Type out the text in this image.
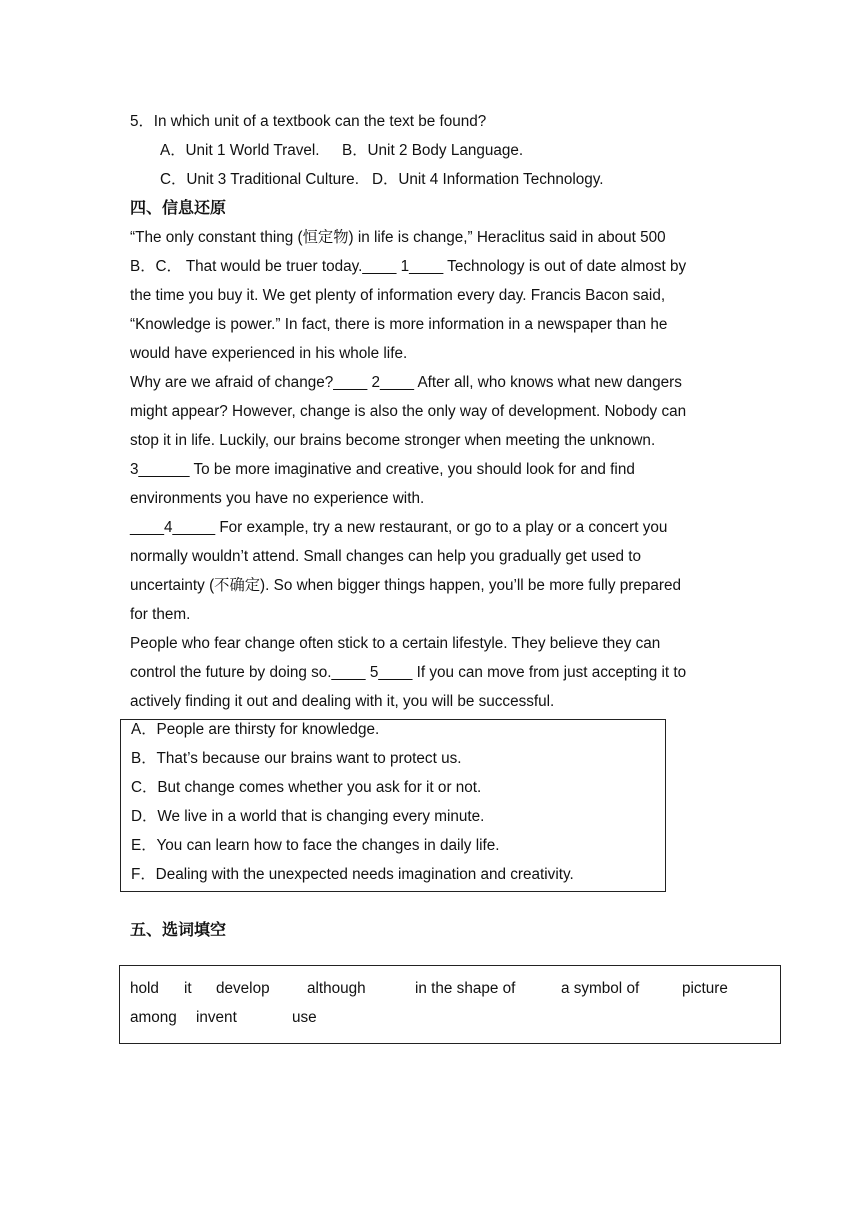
5．In which unit of a textbook can the text be found?
A．Unit 1 World Travel. B．Unit 2 Body Language.
C．Unit 3 Traditional Culture. D．Unit 4 Information Technology.
四、信息还原
“The only constant thing (恒定物) in life is change,” Heraclitus said in about 500
B．C． That would be truer today.____ 1____ Technology is out of date almost by
the time you buy it. We get plenty of information every day. Francis Bacon said,
“Knowledge is power.” In fact, there is more information in a newspaper than he
would have experienced in his whole life.
Why are we afraid of change?____ 2____ After all, who knows what new dangers
might appear? However, change is also the only way of development. Nobody can
stop it in life. Luckily, our brains become stronger when meeting the unknown.
3______ To be more imaginative and creative, you should look for and find
environments you have no experience with.
____4_____ For example, try a new restaurant, or go to a play or a concert you
normally wouldn’t attend. Small changes can help you gradually get used to
uncertainty (不确定). So when bigger things happen, you’ll be more fully prepared
for them.
People who fear change often stick to a certain lifestyle. They believe they can
control the future by doing so.____ 5____ If you can move from just accepting it to
actively finding it out and dealing with it, you will be successful.
A．People are thirsty for knowledge.
B．That’s because our brains want to protect us.
C．But change comes whether you ask for it or not.
D．We live in a world that is changing every minute.
E．You can learn how to face the changes in daily life.
F．Dealing with the unexpected needs imagination and creativity.
五、选词填空
hold it develop although	in the shape of	a symbol of	picture
among invent	use
